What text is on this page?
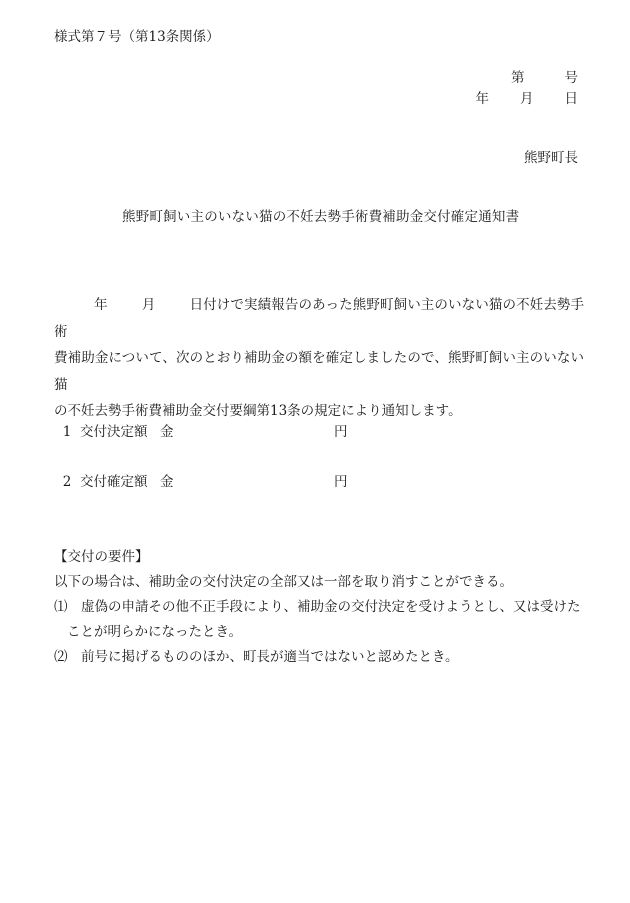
様式第７号（第13条関係）
第	号
年 月 日
熊野町長
熊野町飼い主のいない猫の不妊去勢手術費補助金交付確定通知書
年	月	日付けで実績報告のあった熊野町飼い主のいない猫の不妊去勢手術
費補助金について、次のとおり補助金の額を確定しましたので、熊野町飼い主のいない猫
の不妊去勢手術費補助金交付要綱第13条の規定により通知します。
1 交付決定額 金	円
2 交付確定額 金	円
【交付の要件】
以下の場合は、補助金の交付決定の全部又は一部を取り消すことができる。
⑴	虚偽の申請その他不正手段により、補助金の交付決定を受けようとし、又は受けた
ことが明らかになったとき。
⑵	前号に掲げるもののほか、町長が適当ではないと認めたとき。
